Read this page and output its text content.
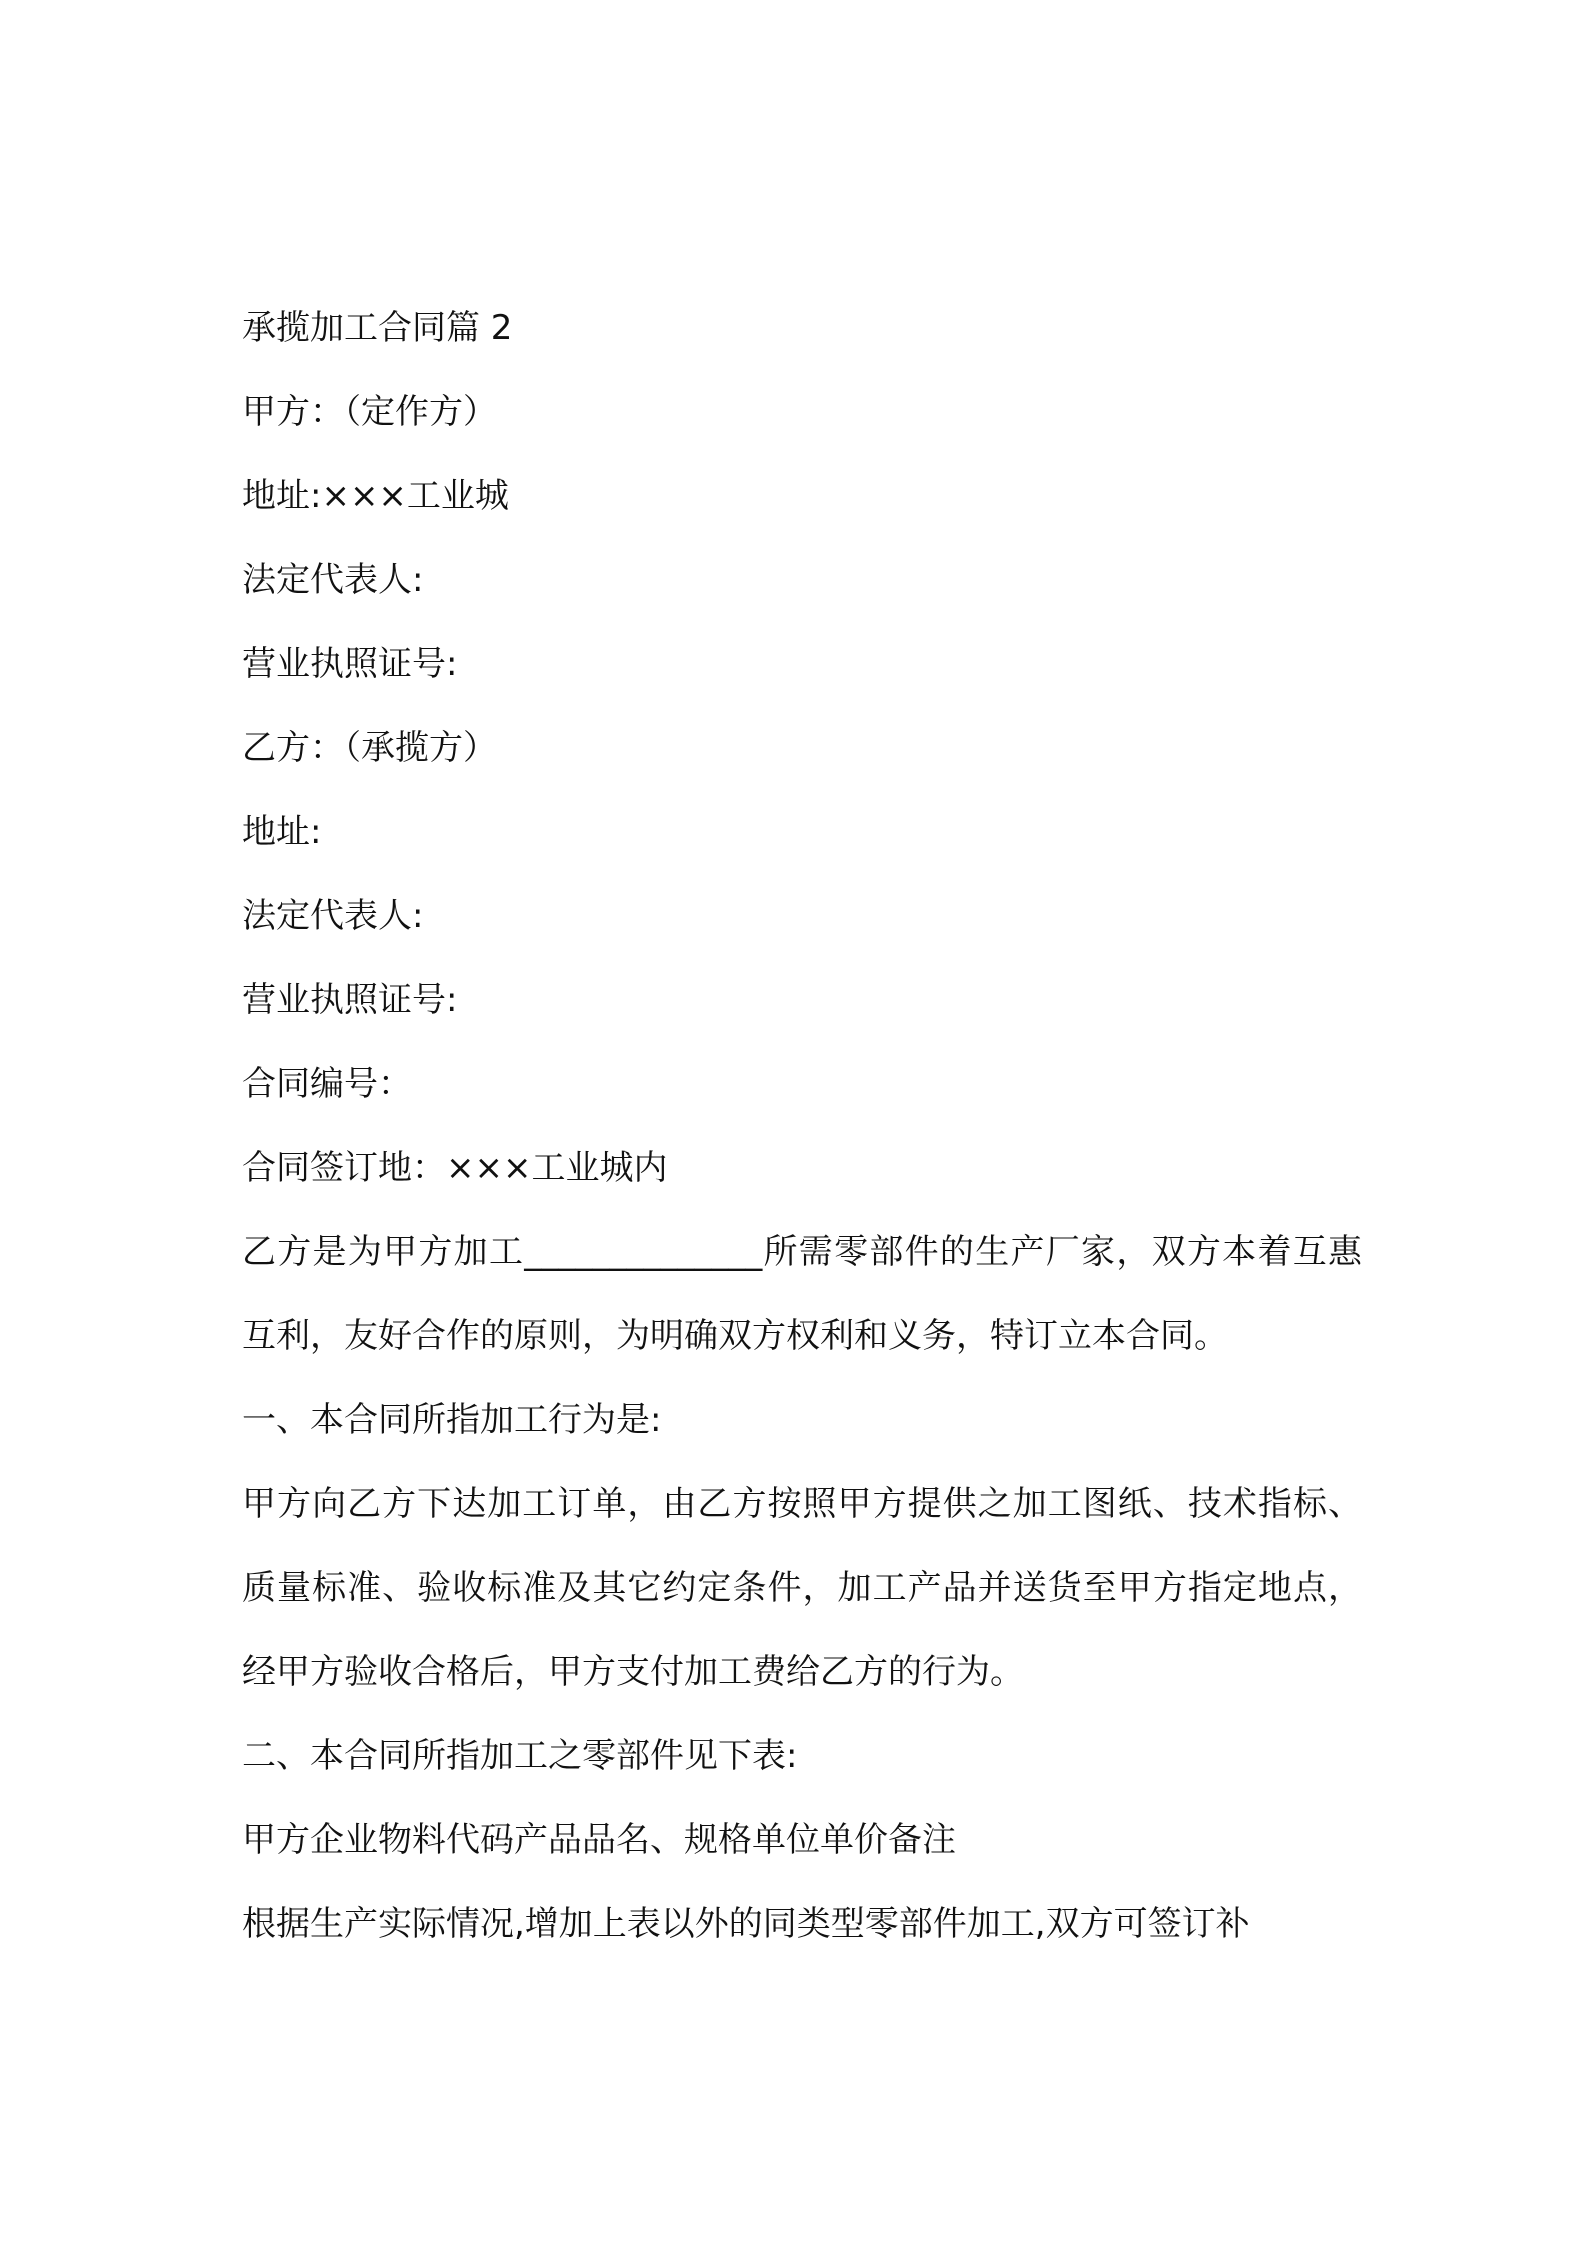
承揽加工合同篇 2

甲方：（定作方）

地址:×××工业城

法定代表人:

营业执照证号:

乙方：（承揽方）

地址:

法定代表人:

营业执照证号:

合同编号：

合同签订地：×××工业城内

乙方是为甲方加工______________所需零部件的生产厂家，双方本着互惠互利，友好合作的原则，为明确双方权利和义务，特订立本合同。

一、本合同所指加工行为是:

甲方向乙方下达加工订单，由乙方按照甲方提供之加工图纸、技术指标、质量标准、验收标准及其它约定条件，加工产品并送货至甲方指定地点，经甲方验收合格后，甲方支付加工费给乙方的行为。

二、本合同所指加工之零部件见下表:

甲方企业物料代码产品品名、规格单位单价备注

根据生产实际情况,增加上表以外的同类型零部件加工,双方可签订补
